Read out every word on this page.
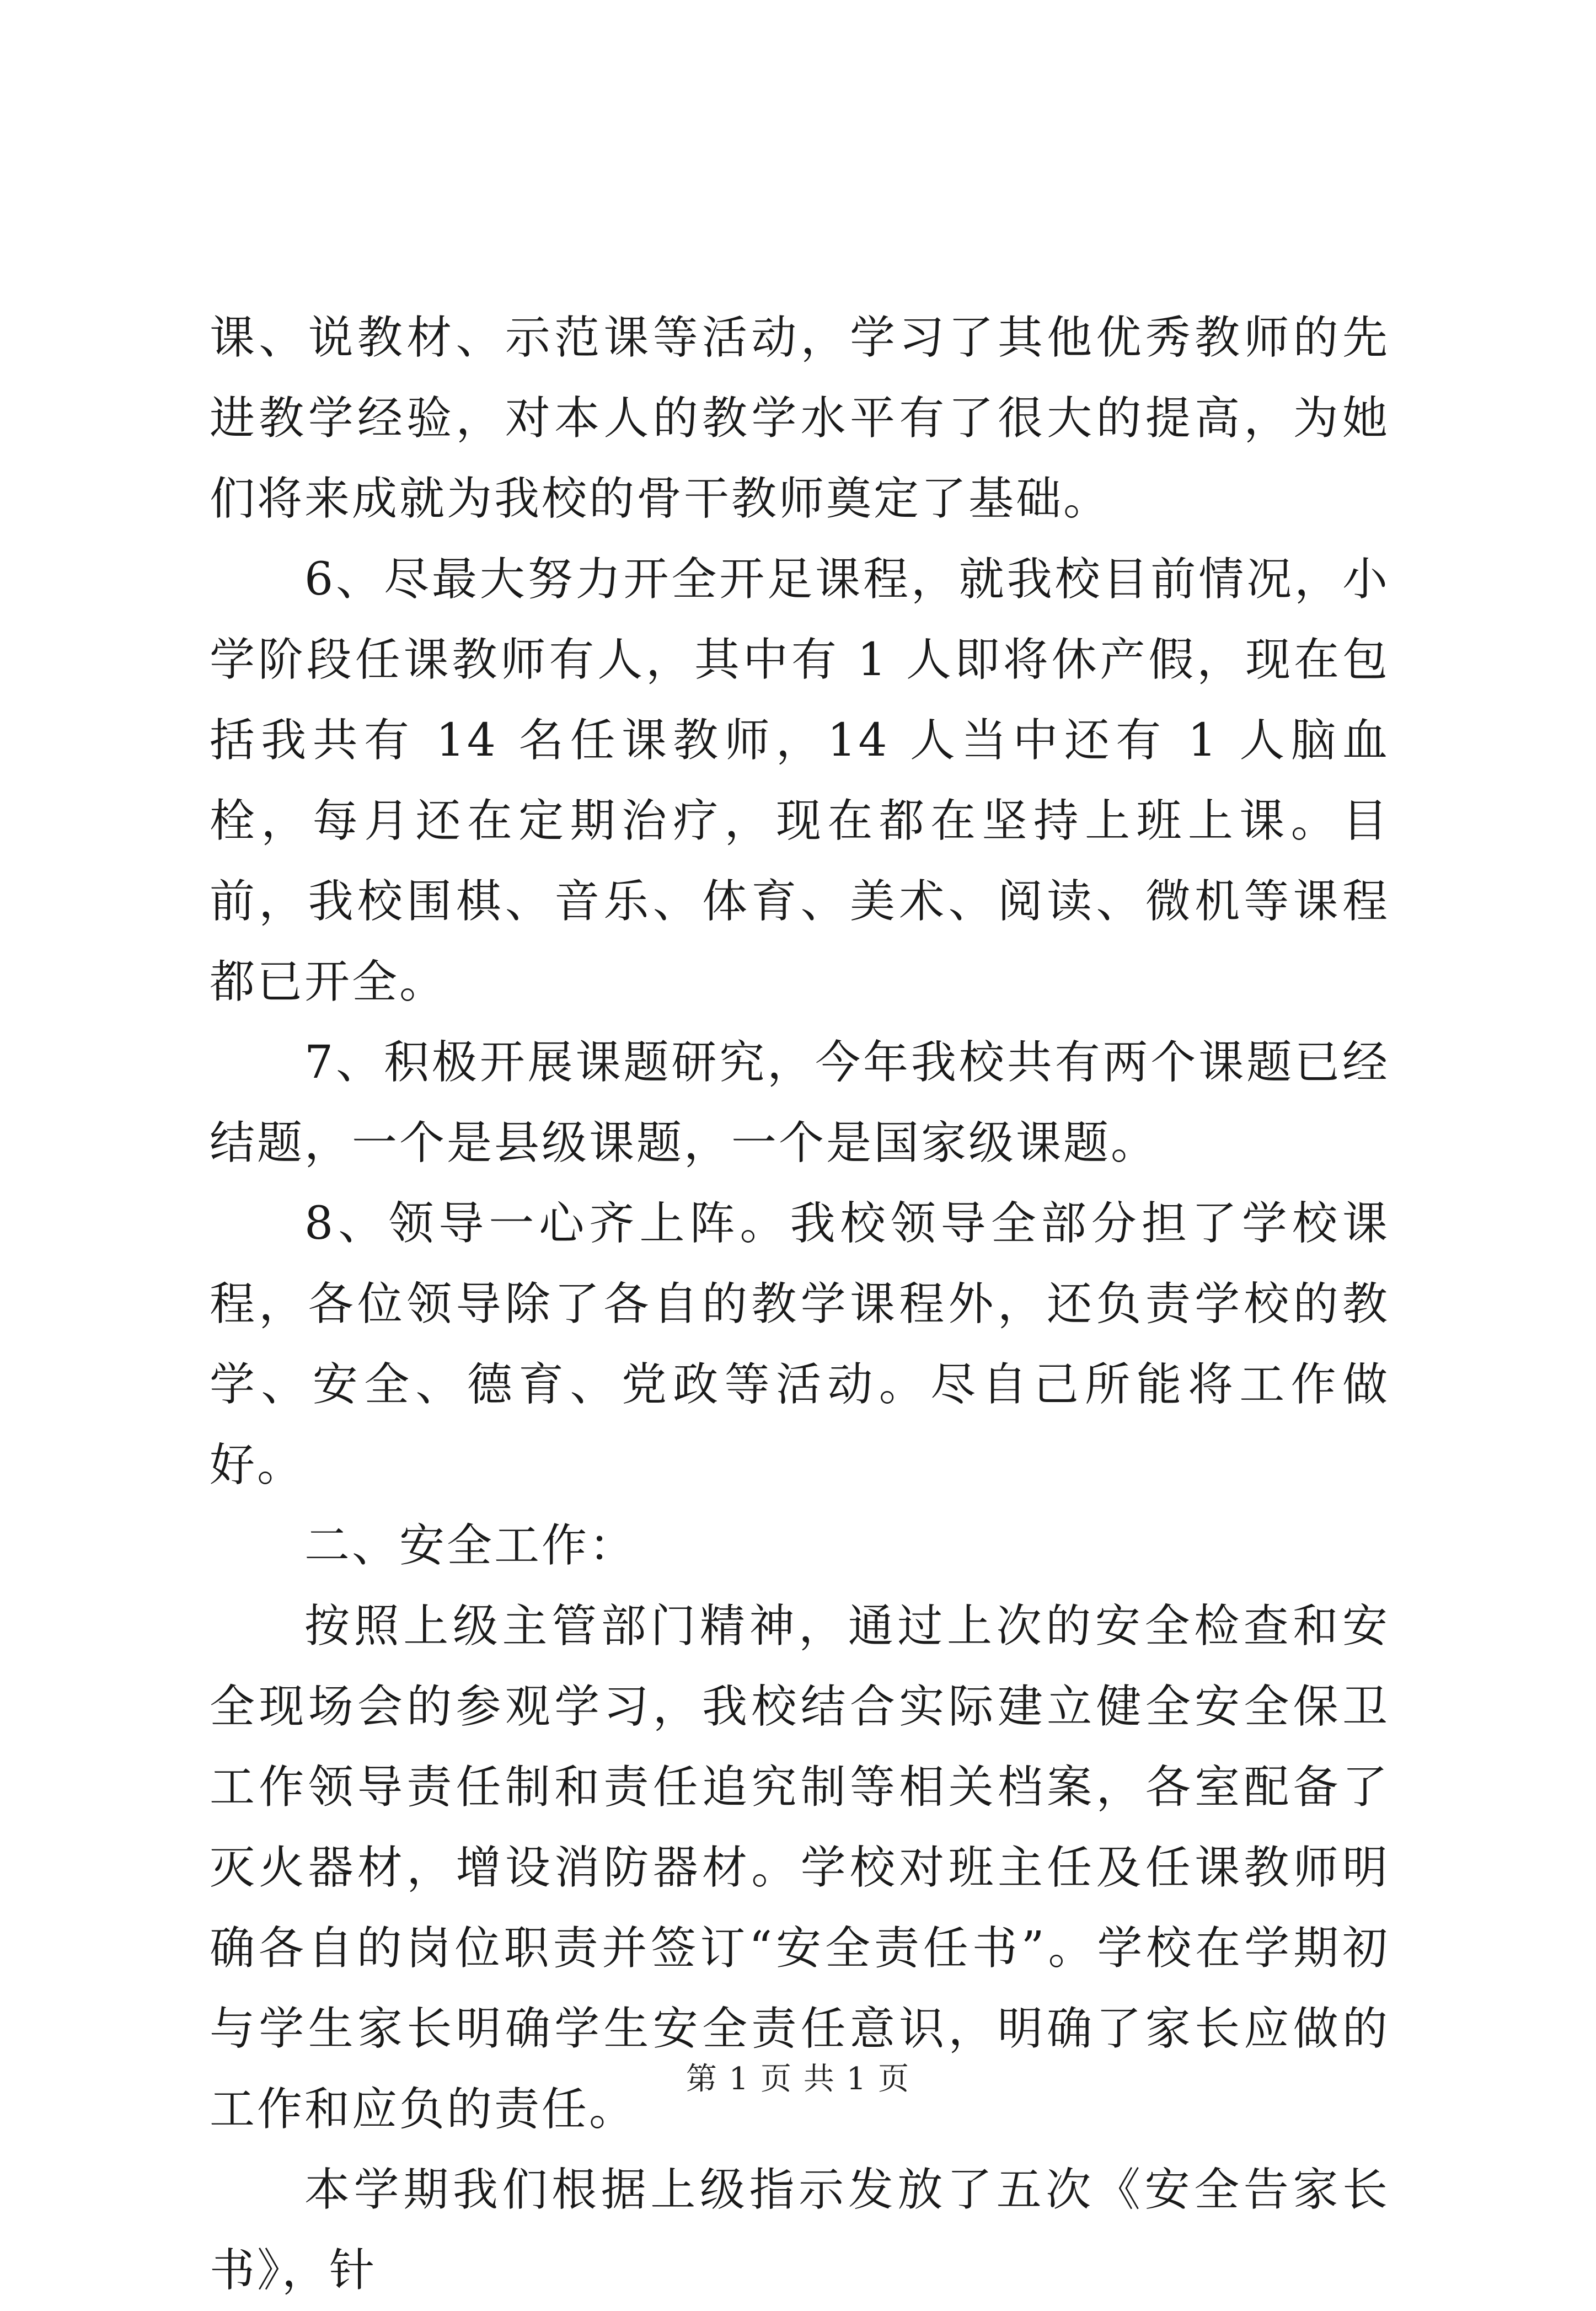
课、说教材、示范课等活动，学习了其他优秀教师的先进教学经验，对本人的教学水平有了很大的提高，为她们将来成就为我校的骨干教师奠定了基础。

6、尽最大努力开全开足课程，就我校目前情况，小学阶段任课教师有人，其中有 1 人即将休产假，现在包括我共有 14 名任课教师，14 人当中还有 1 人脑血栓，每月还在定期治疗，现在都在坚持上班上课。目前，我校围棋、音乐、体育、美术、阅读、微机等课程都已开全。

7、积极开展课题研究，今年我校共有两个课题已经结题，一个是县级课题，一个是国家级课题。

8、领导一心齐上阵。我校领导全部分担了学校课程，各位领导除了各自的教学课程外，还负责学校的教学、安全、德育、党政等活动。尽自己所能将工作做好。

二、安全工作：

按照上级主管部门精神，通过上次的安全检查和安全现场会的参观学习，我校结合实际建立健全安全保卫工作领导责任制和责任追究制等相关档案，各室配备了灭火器材，增设消防器材。学校对班主任及任课教师明确各自的岗位职责并签订“安全责任书”。学校在学期初与学生家长明确学生安全责任意识，明确了家长应做的工作和应负的责任。

本学期我们根据上级指示发放了五次《安全告家长书》，针

第 1 页 共 1 页
